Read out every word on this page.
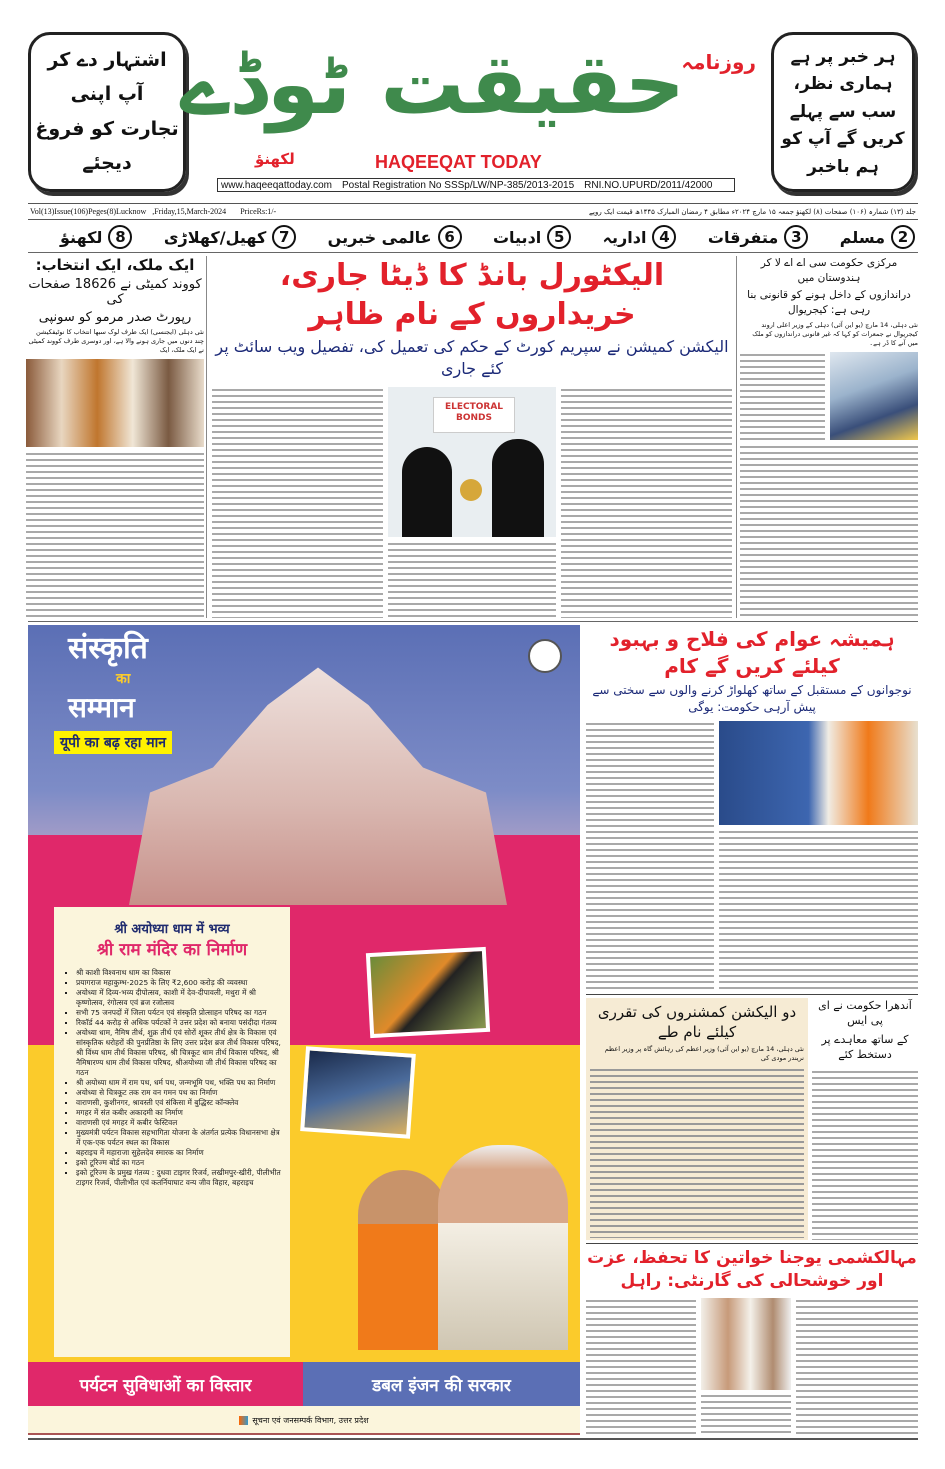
اشتہار دے کر
آپ اپنی
تجارت کو فروغ
دیجئے
ہر خبر پر ہے
ہماری نظر،
سب سے پہلے
کریں گے آپ کو
ہم باخبر
حقیقت ٹوڈے
روزنامہ
لکھنؤ	HAQEEQAT TODAY
www.haqeeqattoday.com Postal Registration No SSSp/LW/NP-385/2013-2015 RNI.NO.UPURD/2011/42000
Vol(13)Issue(106)Peges(8)Lucknow   ,Friday,15,March-2024 PriceRs:1/-	جلد (۱۳) شمارہ (۱۰۶) صفحات (۸) لکھنؤ جمعہ ۱۵ مارچ ۲۰۲۴ء مطابق ۴ رمضان المبارک ۱۴۴۵ھ قیمت ایک روپے
2
مسلم
3
متفرقات
4
اداریہ
5
ادبیات
6
عالمی خبریں
7
کھیل/کھلاڑی
8
لکھنؤ
ایک ملک، ایک انتخاب:
کووند کمیٹی نے 18626 صفحات کی
رپورٹ صدر مرمو کو سونپی
نئی دہلی (ایجنسی) ایک طرف لوک سبھا انتخاب کا نوٹیفکیشن چند دنوں میں جاری ہونے والا ہے، اور دوسری طرف کووند کمیٹی نے ایک ملک، ایک
الیکٹورل بانڈ کا ڈیٹا جاری، خریداروں کے نام ظاہر
الیکشن کمیشن نے سپریم کورٹ کے حکم کی تعمیل کی، تفصیل ویب سائٹ پر کئے جاری
ELECTORAL BONDS
مرکزی حکومت سی اے اے لا کر ہندوستان میں
دراندازوں کے داخل ہونے کو قانونی بنا رہی ہے: کیجریوال
نئی دہلی، 14 مارچ (یو این آئی) دہلی کے وزیر اعلی اروند کیجریوال نے جمعرات کو کہا کہ غیر قانونی دراندازوں کو ملک میں آنے کا ڈر ہے۔
संस्कृति
का
सम्मान
यूपी का बढ़ रहा मान
श्री अयोध्या धाम में भव्य
श्री राम मंदिर का निर्माण
▪ श्री काशी विश्वनाथ धाम का विकास
▪ प्रयागराज महाकुम्भ-2025 के लिए ₹2,600 करोड़ की व्यवस्था
▪ अयोध्या में दिव्य-भव्य दीपोत्सव, काशी में देव-दीपावली, मथुरा में श्री कृष्णोत्सव, रंगोत्सव एवं ब्रज रजोत्सव
▪ सभी 75 जनपदों में जिला पर्यटन एवं संस्कृति प्रोत्साहन परिषद का गठन
▪ रिकॉर्ड 44 करोड़ से अधिक पर्यटकों ने उत्तर प्रदेश को बनाया पसंदीदा गंतव्य
▪ अयोध्या धाम, नैमिष तीर्थ, शुक्र तीर्थ एवं सोरों शूकर तीर्थ क्षेत्र के विकास एवं सांस्कृतिक धरोहरों की पुनर्प्रतिष्ठा के लिए उत्तर प्रदेश ब्रज तीर्थ विकास परिषद, श्री विंध्य धाम तीर्थ विकास परिषद, श्री चित्रकूट धाम तीर्थ विकास परिषद, श्री नैमिषारण्य धाम तीर्थ विकास परिषद, श्रीअयोध्या जी तीर्थ विकास परिषद का गठन
▪ श्री अयोध्या धाम में राम पथ, धर्म पथ, जन्मभूमि पथ, भक्ति पथ का निर्माण
▪ अयोध्या से चित्रकूट तक राम वन गमन पथ का निर्माण
▪ वाराणसी, कुशीनगर, श्रावस्ती एवं संकिसा में बुद्धिस्ट कॉन्क्लेव
▪ मगहर में संत कबीर अकादमी का निर्माण
▪ वाराणसी एवं मगहर में कबीर फेस्टिवल
▪ मुख्यमंत्री पर्यटन विकास सहभागिता योजना के अंतर्गत प्रत्येक विधानसभा क्षेत्र में एक-एक पर्यटन स्थल का विकास
▪ बहराइच में महाराजा सुहेलदेव स्मारक का निर्माण
▪ इको टूरिज्म बोर्ड का गठन
▪ इको टूरिज्म के प्रमुख गंतव्य : दुधवा टाइगर रिजर्व, लखीमपुर-खीरी, पीलीभीत टाइगर रिजर्व, पीलीभीत एवं कतर्नियाघाट वन्य जीव विहार, बहराइच
पर्यटन सुविधाओं का विस्तार	डबल इंजन की सरकार
सूचना एवं जनसम्पर्क विभाग, उत्तर प्रदेश
ہمیشہ عوام کی فلاح و بہبود کیلئے کریں گے کام
نوجوانوں کے مستقبل کے ساتھ کھلواڑ کرنے والوں سے سختی سے پیش آرہی حکومت: یوگی
دو الیکشن کمشنروں کی تقرری کیلئے نام طے
نئی دہلی، 14 مارچ (یو این آئی) وزیر اعظم کی رہائش گاہ پر وزیر اعظم نریندر مودی کی
آندھرا حکومت نے ای پی ایس
کے ساتھ معاہدے پر دستخط کئے
مہالکشمی یوجنا خواتین کا تحفظ، عزت اور خوشحالی کی گارنٹی: راہل
